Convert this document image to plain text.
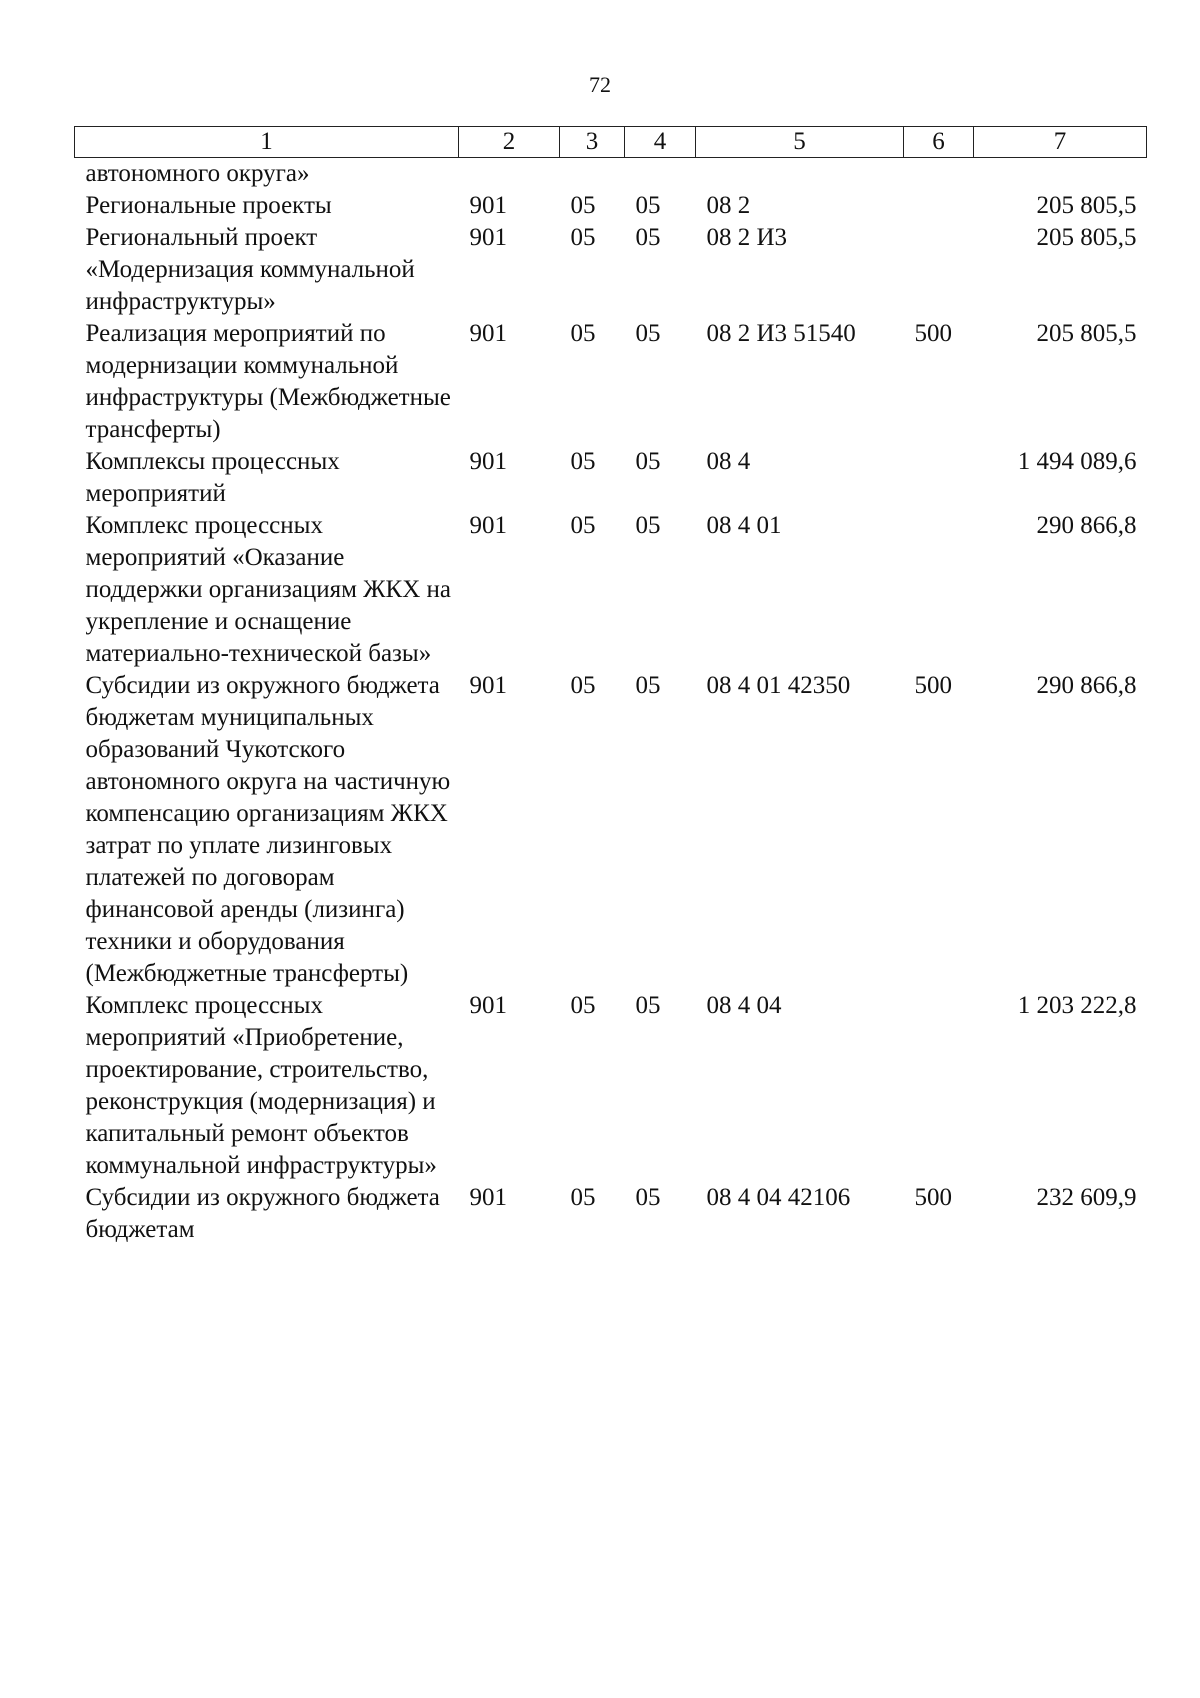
72
1	2	3	4	5	6	7
автономного округа»						
Региональные проекты	901	05	05	08 2		205 805,5
Региональный проект «Модернизация коммунальной инфраструктуры»	901	05	05	08 2 И3		205 805,5
Реализация мероприятий по модернизации коммунальной инфраструктуры (Межбюджетные трансферты)	901	05	05	08 2 И3 51540	500	205 805,5
Комплексы процессных мероприятий	901	05	05	08 4		1 494 089,6
Комплекс процессных мероприятий «Оказание поддержки организациям ЖКХ на укрепление и оснащение материально-технической базы»	901	05	05	08 4 01		290 866,8
Субсидии из окружного бюджета бюджетам муниципальных образований Чукотского автономного округа на частичную компенсацию организациям ЖКХ затрат по уплате лизинговых платежей по договорам финансовой аренды (лизинга) техники и оборудования (Межбюджетные трансферты)	901	05	05	08 4 01 42350	500	290 866,8
Комплекс процессных мероприятий «Приобретение, проектирование, строительство, реконструкция (модернизация) и капитальный ремонт объектов коммунальной инфраструктуры»	901	05	05	08 4 04		1 203 222,8
Субсидии из окружного бюджета бюджетам	901	05	05	08 4 04 42106	500	232 609,9
